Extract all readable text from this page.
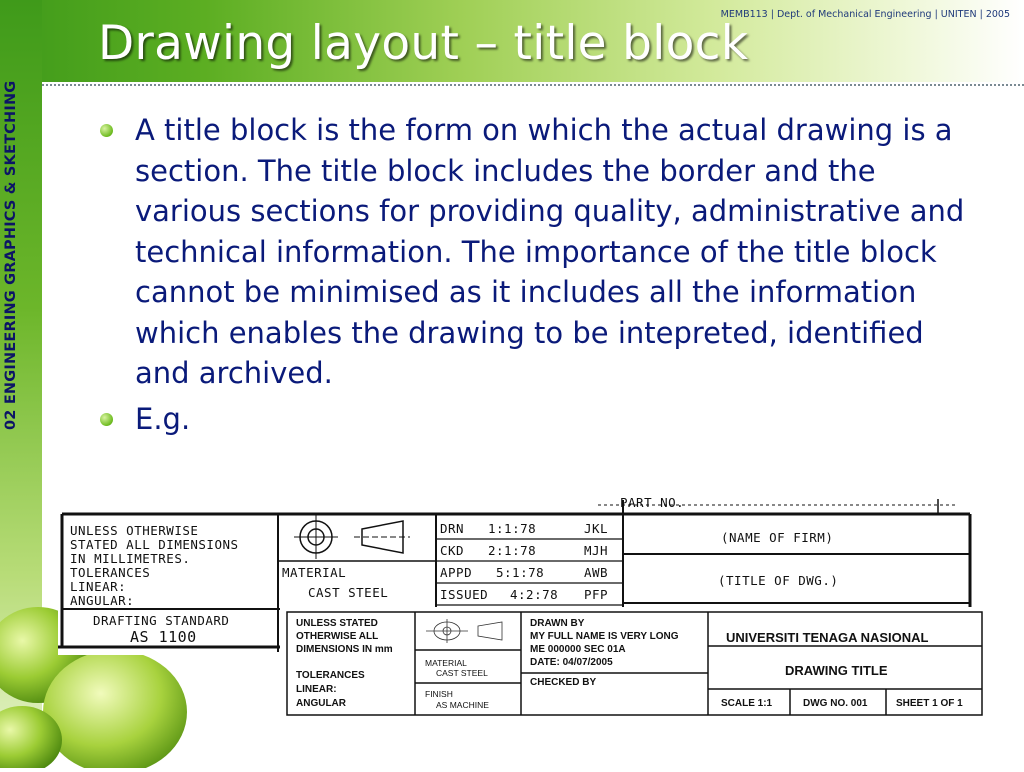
02 ENGINEERING GRAPHICS & SKETCHING
MEMB113 | Dept. of Mechanical Engineering | UNITEN | 2005
Drawing layout – title block
A title block is the form on which the actual drawing is a section. The title block includes the border and the various sections for providing quality, administrative and technical information. The importance of the title block cannot be minimised as it includes all the information which enables the drawing to be intepreted, identified and archived.
E.g.
PART NO.
UNLESS OTHERWISE
STATED ALL DIMENSIONS
IN MILLIMETRES.
TOLERANCES
LINEAR:
ANGULAR:
DRAFTING STANDARD
AS 1100
MATERIAL
CAST STEEL
DRN 1:1:78	JKL
CKD 2:1:78	MJH
APPD 5:1:78	AWB
ISSUED 4:2:78 PFP
(NAME OF FIRM)
(TITLE OF DWG.)
UNLESS STATED
OTHERWISE ALL
DIMENSIONS IN mm
TOLERANCES
LINEAR:
ANGULAR
MATERIAL
CAST STEEL
FINISH
AS MACHINE
DRAWN BY
MY FULL NAME IS VERY LONG
ME 000000 SEC 01A
DATE: 04/07/2005
CHECKED BY
UNIVERSITI TENAGA NASIONAL
DRAWING TITLE
SCALE 1:1	DWG NO. 001	SHEET 1 OF 1
